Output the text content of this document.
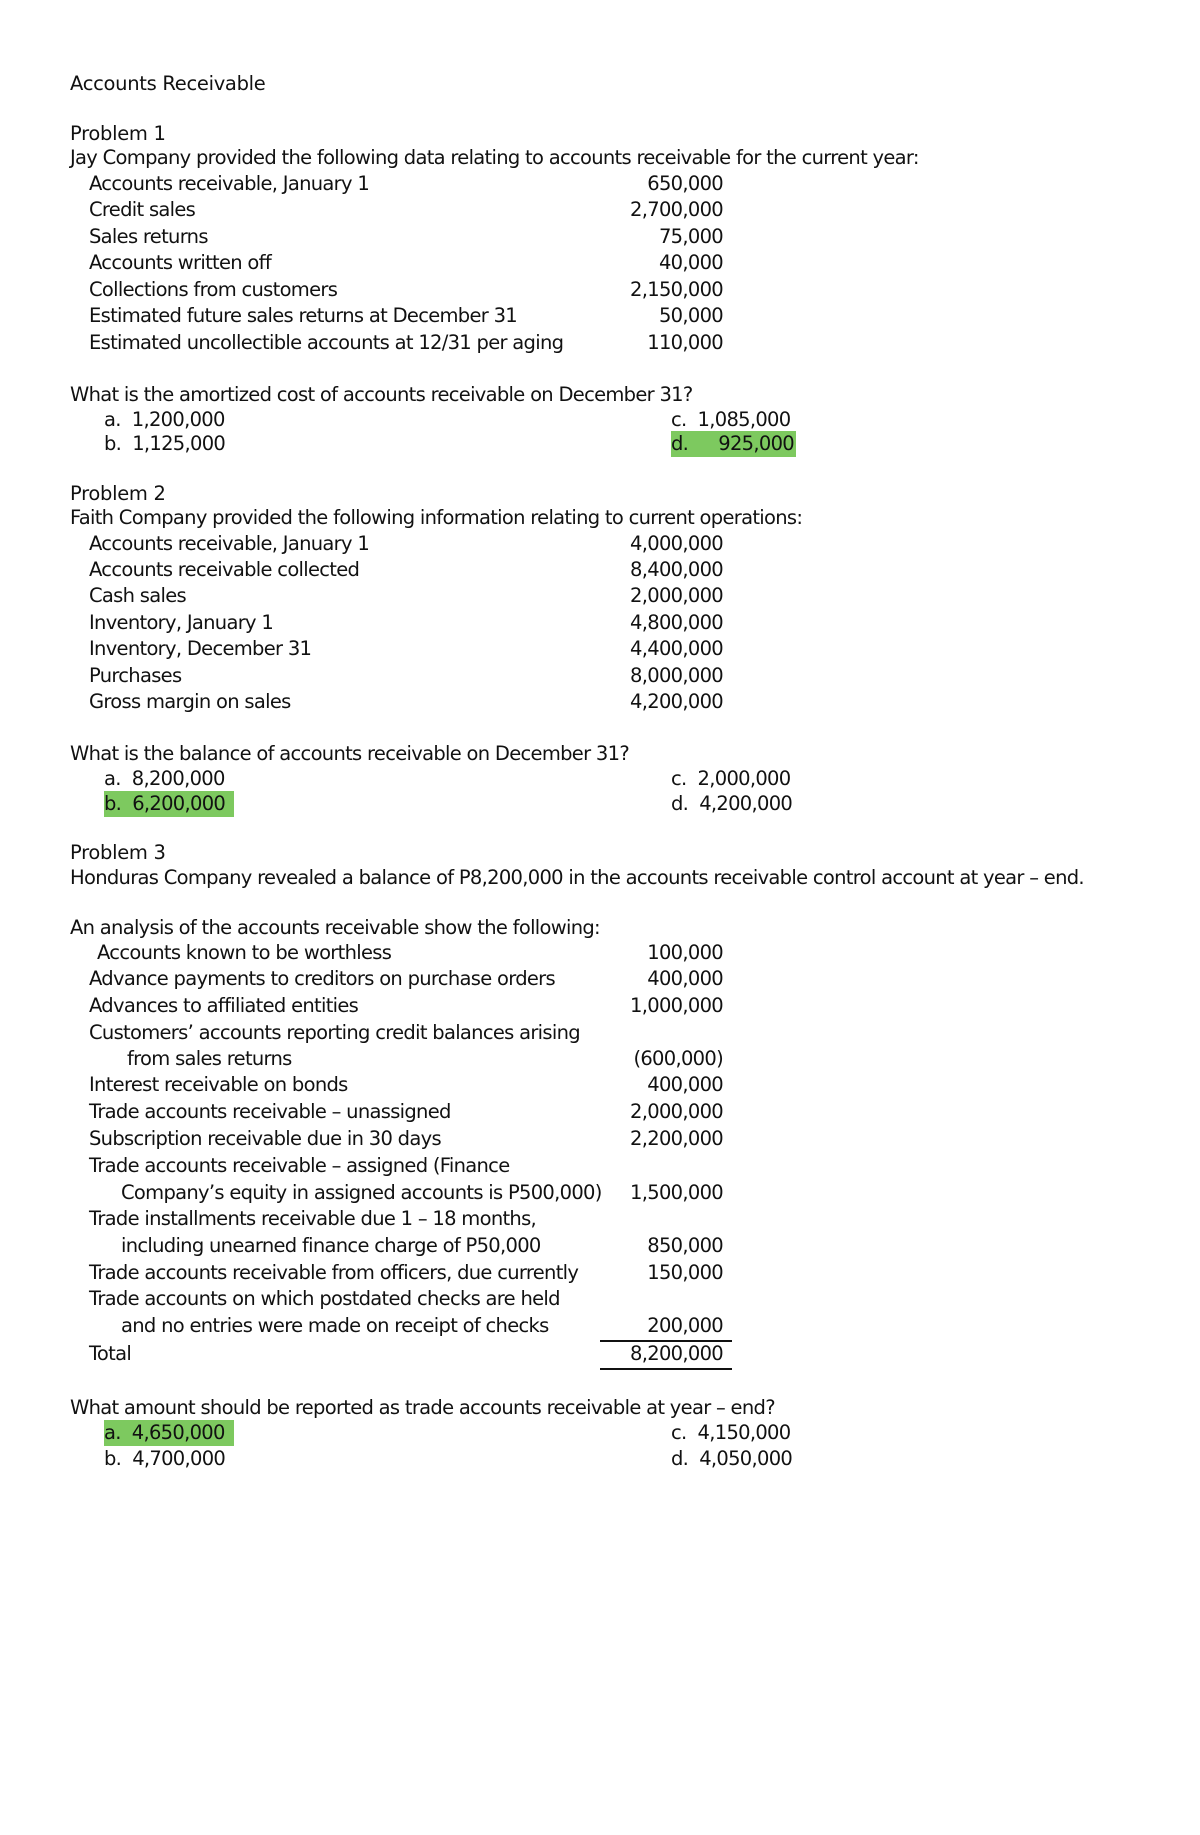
Accounts Receivable
Problem 1
Jay Company provided the following data relating to accounts receivable for the current year:
Accounts receivable, January 1	650,000
Credit sales	2,700,000
Sales returns	75,000
Accounts written off	40,000
Collections from customers	2,150,000
Estimated future sales returns at December 31	50,000
Estimated uncollectible accounts at 12/31 per aging	110,000
What is the amortized cost of accounts receivable on December 31?
a. 1,200,000
b. 1,125,000
c. 1,085,000
d. 925,000
Problem 2
Faith Company provided the following information relating to current operations:
Accounts receivable, January 1	4,000,000
Accounts receivable collected	8,400,000
Cash sales	2,000,000
Inventory, January 1	4,800,000
Inventory, December 31	4,400,000
Purchases	8,000,000
Gross margin on sales	4,200,000
What is the balance of accounts receivable on December 31?
a. 8,200,000
b. 6,200,000
c. 2,000,000
d. 4,200,000
Problem 3
Honduras Company revealed a balance of P8,200,000 in the accounts receivable control account at year – end.
An analysis of the accounts receivable show the following:
Accounts known to be worthless	100,000
Advance payments to creditors on purchase orders	400,000
Advances to affiliated entities	1,000,000
Customers’ accounts reporting credit balances arising
from sales returns	(600,000)
Interest receivable on bonds	400,000
Trade accounts receivable – unassigned	2,000,000
Subscription receivable due in 30 days	2,200,000
Trade accounts receivable – assigned (Finance
Company’s equity in assigned accounts is P500,000)	1,500,000
Trade installments receivable due 1 – 18 months,
including unearned finance charge of P50,000	850,000
Trade accounts receivable from officers, due currently	150,000
Trade accounts on which postdated checks are held
and no entries were made on receipt of checks	200,000
Total	8,200,000
What amount should be reported as trade accounts receivable at year – end?
a. 4,650,000
b. 4,700,000
c. 4,150,000
d. 4,050,000
